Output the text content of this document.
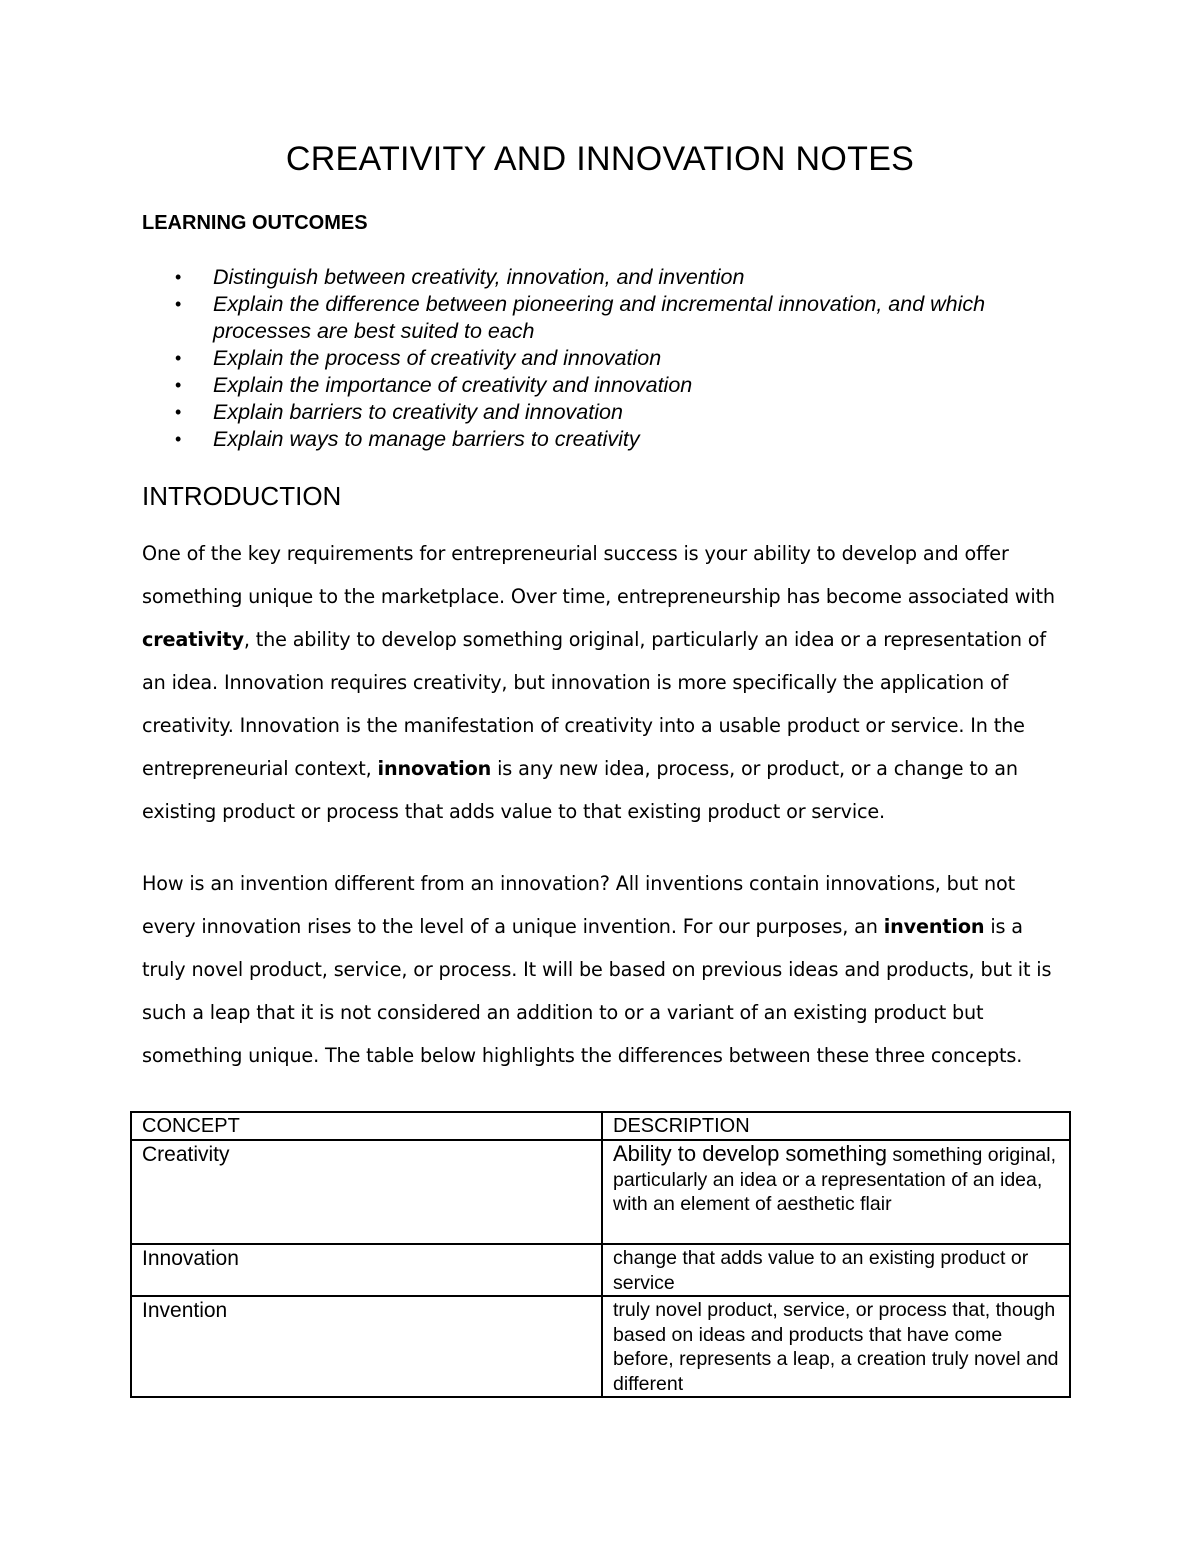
CREATIVITY AND INNOVATION NOTES
LEARNING OUTCOMES
• Distinguish between creativity, innovation, and invention
• Explain the difference between pioneering and incremental innovation, and which processes are best suited to each
• Explain the process of creativity and innovation
• Explain the importance of creativity and innovation
• Explain barriers to creativity and innovation
• Explain ways to manage barriers to creativity
INTRODUCTION
One of the key requirements for entrepreneurial success is your ability to develop and offer something unique to the marketplace. Over time, entrepreneurship has become associated with creativity, the ability to develop something original, particularly an idea or a representation of an idea. Innovation requires creativity, but innovation is more specifically the application of creativity. Innovation is the manifestation of creativity into a usable product or service. In the entrepreneurial context, innovation is any new idea, process, or product, or a change to an existing product or process that adds value to that existing product or service.
How is an invention different from an innovation? All inventions contain innovations, but not every innovation rises to the level of a unique invention. For our purposes, an invention is a truly novel product, service, or process. It will be based on previous ideas and products, but it is such a leap that it is not considered an addition to or a variant of an existing product but something unique. The table below highlights the differences between these three concepts.
CONCEPT	DESCRIPTION
Creativity	Ability to develop something something original, particularly an idea or a representation of an idea, with an element of aesthetic flair
Innovation	change that adds value to an existing product or service
Invention	truly novel product, service, or process that, though based on ideas and products that have come before, represents a leap, a creation truly novel and different
